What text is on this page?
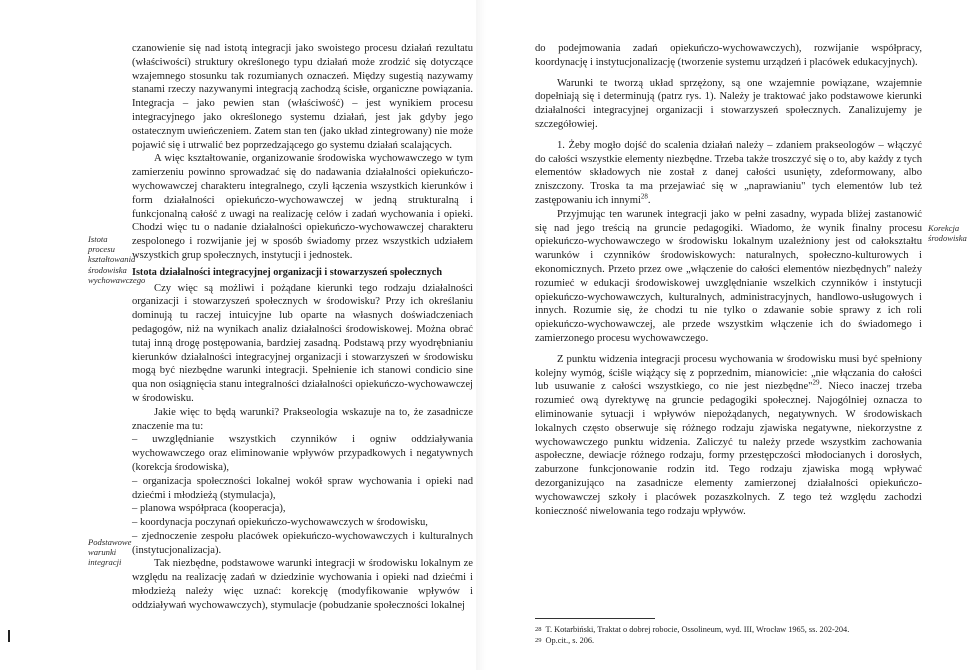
Istota procesu kształtowania środowiska wychowawczego
Podstawowe warunki integracji

czanowienie się nad istotą integracji jako swoistego procesu działań rezultatu (właściwości) struktury określonego typu działań może zrodzić się dotyczące wzajemnego stosunku tak rozumianych oznaczeń. Między sugestią nazywamy stanami rzeczy nazywanymi integracją zachodzą ścisłe, organiczne powiązania. Integracja – jako pewien stan (właściwość) – jest wynikiem procesu integracyjnego jako określonego systemu działań, jest jak gdyby jego ostatecznym uwieńczeniem. Zatem stan ten (jako układ zintegrowany) nie może pojawić się i utrwalić bez poprzedzającego go systemu działań scalających.

A więc kształtowanie, organizowanie środowiska wychowawczego w tym zamierzeniu powinno sprowadzać się do nadawania działalności opiekuńczo-wychowawczej charakteru integralnego, czyli łączenia wszystkich kierunków i form działalności opiekuńczo-wychowawczej w jedną strukturalną i funkcjonalną całość z uwagi na realizację celów i zadań wychowania i opieki. Chodzi więc tu o nadanie działalności opiekuńczo-wychowawczej charakteru zespolonego i rozwijanie jej w sposób świadomy przez wszystkich udziałem wszystkich grup społecznych, instytucji i jednostek.

Istota działalności integracyjnej organizacji i stowarzyszeń społecznych

Czy więc są możliwi i pożądane kierunki tego rodzaju działalności organizacji i stowarzyszeń społecznych w środowisku? Przy ich określaniu dominują tu raczej intuicyjne lub oparte na własnych doświadczeniach pedagogów, niż na wynikach analiz działalności środowiskowej. Można obrać tutaj inną drogę postępowania, bardziej zasadną. Podstawą przy wyodrębnianiu kierunków działalności integracyjnej organizacji i stowarzyszeń w środowisku mogą być niezbędne warunki integracji. Spełnienie ich stanowi condicio sine qua non osiągnięcia stanu integralności działalności opiekuńczo-wychowawczej w środowisku.

Jakie więc to będą warunki? Prakseologia wskazuje na to, że zasadnicze znaczenie ma tu:

– uwzględnianie wszystkich czynników i ogniw oddziaływania wychowawczego oraz eliminowanie wpływów przypadkowych i negatywnych (korekcja środowiska),

– organizacja społeczności lokalnej wokół spraw wychowania i opieki nad dziećmi i młodzieżą (stymulacja),

– planowa współpraca (kooperacja),

– koordynacja poczynań opiekuńczo-wychowawczych w środowisku,

– zjednoczenie zespołu placówek opiekuńczo-wychowawczych i kulturalnych (instytucjonalizacja).

Tak niezbędne, podstawowe warunki integracji w środowisku lokalnym ze względu na realizację zadań w dziedzinie wychowania i opieki nad dziećmi i młodzieżą należy więc uznać: korekcję (modyfikowanie wpływów i oddziaływań wychowawczych), stymulacje (pobudzanie społeczności lokalnej

do podejmowania zadań opiekuńczo-wychowawczych), rozwijanie współpracy, koordynację i instytucjonalizację (tworzenie systemu urządzeń i placówek edukacyjnych).

Warunki te tworzą układ sprzężony, są one wzajemnie powiązane, wzajemnie dopełniają się i determinują (patrz rys. 1). Należy je traktować jako podstawowe kierunki działalności integracyjnej organizacji i stowarzyszeń społecznych. Zanalizujemy je szczegółowiej.

1. Żeby mogło dojść do scalenia działań należy – zdaniem prakseologów – włączyć do całości wszystkie elementy niezbędne. Trzeba także troszczyć się o to, aby każdy z tych elementów składowych nie został z danej całości usunięty, zdeformowany, albo zniszczony. Troska ta ma przejawiać się w „naprawianiu" tych elementów lub też zastępowaniu ich innymi$^{28}$.

Przyjmując ten warunek integracji jako w pełni zasadny, wypada bliżej zastanowić się nad jego treścią na gruncie pedagogiki. Wiadomo, że wynik finalny procesu opiekuńczo-wychowawczego w środowisku lokalnym uzależniony jest od całokształtu warunków i czynników środowiskowych: naturalnych, społeczno-kulturowych i ekonomicznych. Przeto przez owe „włączenie do całości elementów niezbędnych" należy rozumieć w edukacji środowiskowej uwzględnianie wszelkich czynników i instytucji opiekuńczo-wychowawczych, kulturalnych, administracyjnych, handlowo-usługowych i innych. Rozumie się, że chodzi tu nie tylko o zdawanie sobie sprawy z ich roli opiekuńczo-wychowawczej, ale przede wszystkim włączenie ich do świadomego i zamierzonego procesu wychowawczego.

Z punktu widzenia integracji procesu wychowania w środowisku musi być spełniony kolejny wymóg, ściśle wiążący się z poprzednim, mianowicie: „nie włączania do całości lub usuwanie z całości wszystkiego, co nie jest niezbędne"$^{29}$. Nieco inaczej trzeba rozumieć ową dyrektywę na gruncie pedagogiki społecznej. Najogólniej oznacza to eliminowanie sytuacji i wpływów niepożądanych, negatywnych. W środowiskach lokalnych często obserwuje się różnego rodzaju zjawiska negatywne, niekorzystne z wychowawczego punktu widzenia. Zaliczyć tu należy przede wszystkim zachowania aspołeczne, dewiacje różnego rodzaju, formy przestępczości młodocianych i dorosłych, zaburzone funkcjonowanie rodzin itd. Tego rodzaju zjawiska mogą wpływać dezorganizująco na zasadnicze elementy zamierzonej działalności opiekuńczo-wychowawczej szkoły i placówek pozaszkolnych. Z tego też względu zachodzi konieczność niwelowania tego rodzaju wpływów.

Korekcja środowiska

$^{28}$ T. Kotarbiński, Traktat o dobrej robocie, Ossolineum, wyd. III, Wrocław 1965, ss. 202-204.

$^{29}$ Op.cit., s. 206.
